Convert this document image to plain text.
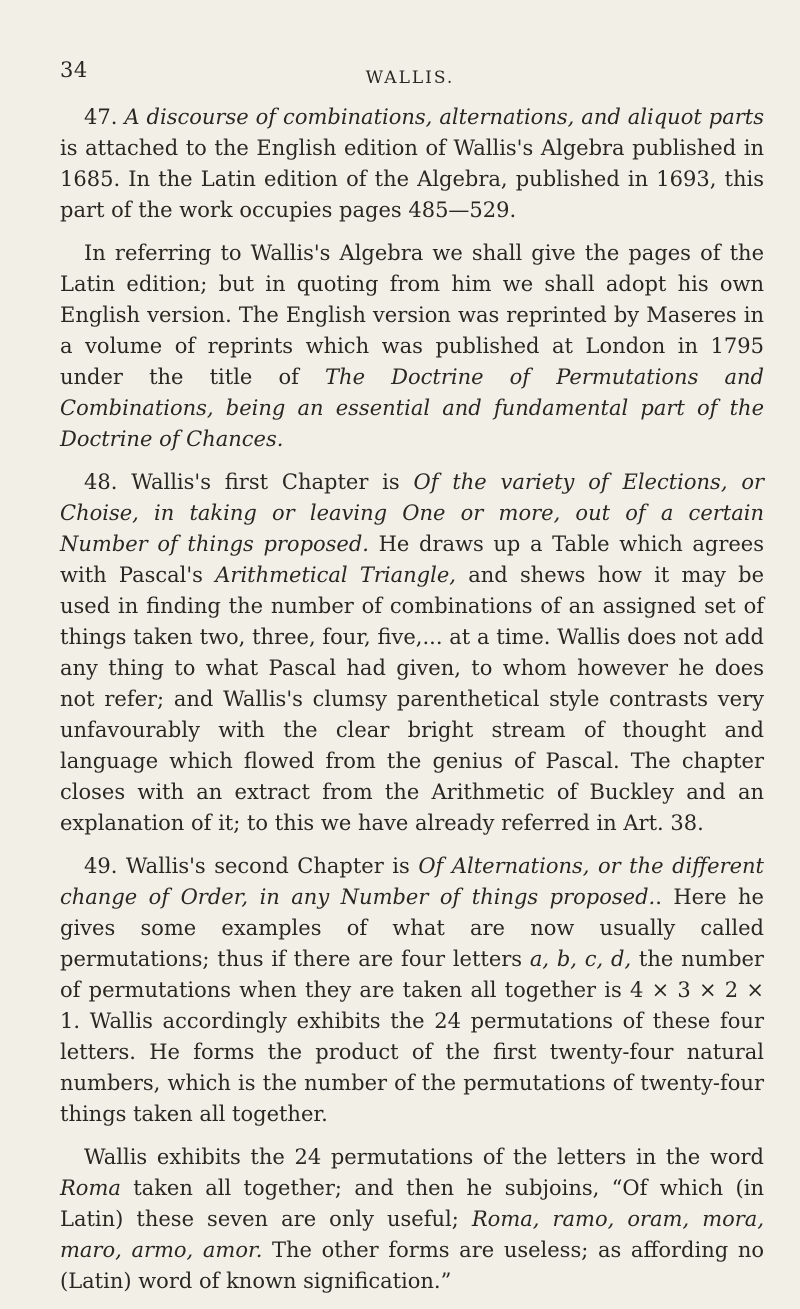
34	WALLIS.

47. A discourse of combinations, alternations, and aliquot parts is attached to the English edition of Wallis's Algebra published in 1685. In the Latin edition of the Algebra, published in 1693, this part of the work occupies pages 485—529.

In referring to Wallis's Algebra we shall give the pages of the Latin edition; but in quoting from him we shall adopt his own English version. The English version was reprinted by Maseres in a volume of reprints which was published at London in 1795 under the title of The Doctrine of Permutations and Combinations, being an essential and fundamental part of the Doctrine of Chances.

48. Wallis's first Chapter is Of the variety of Elections, or Choise, in taking or leaving One or more, out of a certain Number of things proposed. He draws up a Table which agrees with Pascal's Arithmetical Triangle, and shews how it may be used in finding the number of combinations of an assigned set of things taken two, three, four, five,... at a time. Wallis does not add any thing to what Pascal had given, to whom however he does not refer; and Wallis's clumsy parenthetical style contrasts very unfavourably with the clear bright stream of thought and language which flowed from the genius of Pascal. The chapter closes with an extract from the Arithmetic of Buckley and an explanation of it; to this we have already referred in Art. 38.

49. Wallis's second Chapter is Of Alternations, or the different change of Order, in any Number of things proposed.. Here he gives some examples of what are now usually called permutations; thus if there are four letters a, b, c, d, the number of permutations when they are taken all together is 4 × 3 × 2 × 1. Wallis accordingly exhibits the 24 permutations of these four letters. He forms the product of the first twenty-four natural numbers, which is the number of the permutations of twenty-four things taken all together.

Wallis exhibits the 24 permutations of the letters in the word Roma taken all together; and then he subjoins, “Of which (in Latin) these seven are only useful; Roma, ramo, oram, mora, maro, armo, amor. The other forms are useless; as affording no (Latin) word of known signification.”
